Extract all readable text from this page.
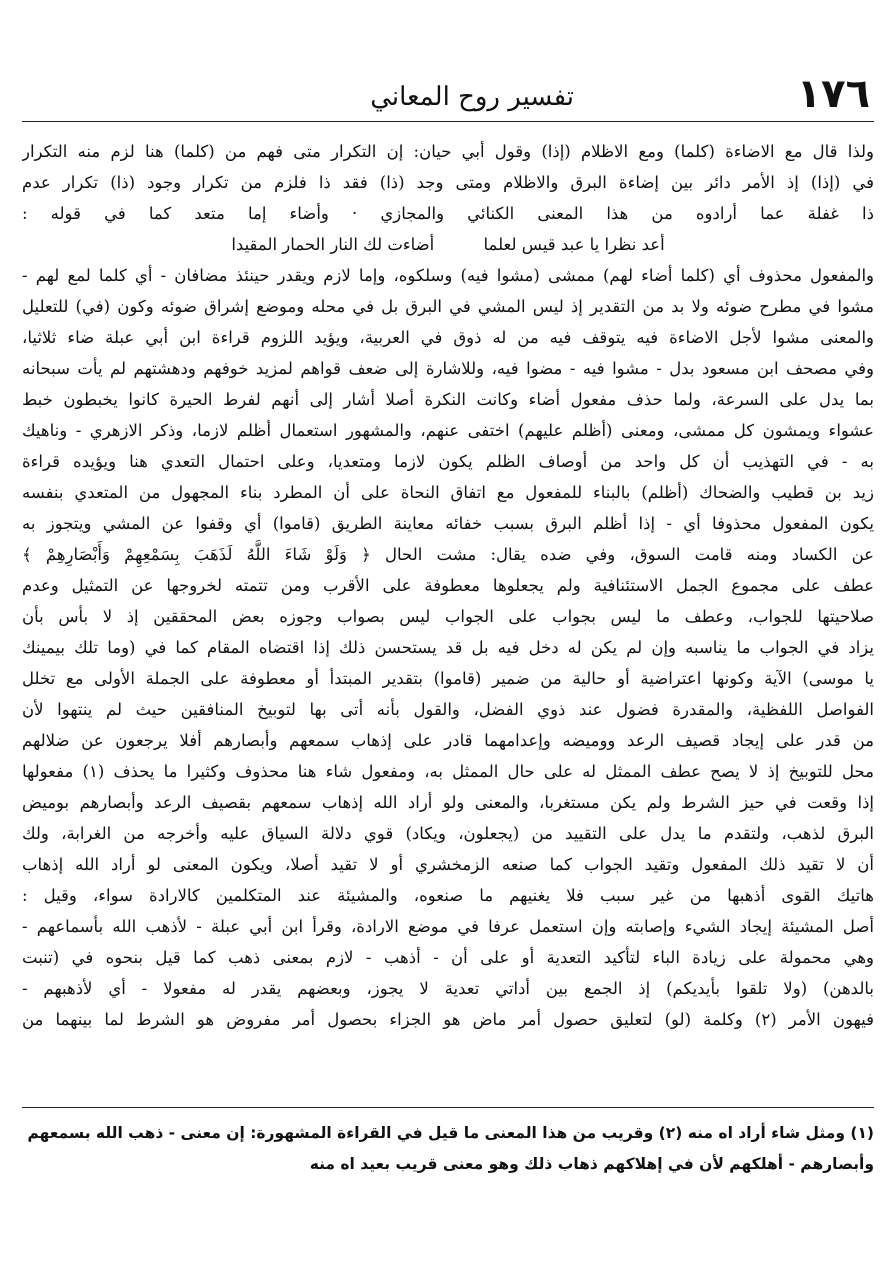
١٧٦
تفسير روح المعاني
ولذا قال مع الاضاءة (كلما) ومع الاظلام (إذا) وقول أبي حيان: إن التكرار متى فهم من (كلما) هنا لزم منه التكرار
في (إذا) إذ الأمر دائر بين إضاءة البرق والاظلام ومتى وجد (ذا) فقد ذا فلزم من تكرار وجود (ذا) تكرار عدم
ذا غفلة عما أرادوه من هذا المعنى الكنائي والمجازي · وأضاء إما متعد كما في قوله :
أعد نظرا يا عبد قيس لعلما أضاءت لك النار الحمار المقيدا
والمفعول محذوف أي (كلما أضاء لهم) ممشى (مشوا فيه) وسلكوه، وإما لازم ويقدر حينئذ مضافان - أي كلما لمع لهم -
مشوا في مطرح ضوئه ولا بد من التقدير إذ ليس المشي في البرق بل في محله وموضع إشراق ضوئه وكون (في) للتعليل
والمعنى مشوا لأجل الاضاءة فيه يتوقف فيه من له ذوق في العربية، ويؤيد اللزوم قراءة ابن أبي عبلة ضاء ثلاثيا،
وفي مصحف ابن مسعود بدل - مشوا فيه - مضوا فيه، وللاشارة إلى ضعف قواهم لمزيد خوفهم ودهشتهم لم يأت سبحانه
بما يدل على السرعة، ولما حذف مفعول أضاء وكانت النكرة أصلا أشار إلى أنهم لفرط الحيرة كانوا يخبطون خبط
عشواء ويمشون كل ممشى، ومعنى (أظلم عليهم) اختفى عنهم، والمشهور استعمال أظلم لازما، وذكر الازهري - وناهيك
به - في التهذيب أن كل واحد من أوصاف الظلم يكون لازما ومتعديا، وعلى احتمال التعدي هنا ويؤيده قراءة
زيد بن قطيب والضحاك (أظلم) بالبناء للمفعول مع اتفاق النحاة على أن المطرد بناء المجهول من المتعدي بنفسه
يكون المفعول محذوفا أي - إذا أظلم البرق بسبب خفائه معاينة الطريق (قاموا) أي وقفوا عن المشي ويتجوز به
عن الكساد ومنه قامت السوق، وفي ضده يقال: مشت الحال ﴿ وَلَوْ شَاءَ اللَّهُ لَذَهَبَ بِسَمْعِهِمْ وَأَبْصَارِهِمْ ﴾
عطف على مجموع الجمل الاستئنافية ولم يجعلوها معطوفة على الأقرب ومن تتمته لخروجها عن التمثيل وعدم
صلاحيتها للجواب، وعطف ما ليس بجواب على الجواب ليس بصواب وجوزه بعض المحققين إذ لا بأس بأن
يزاد في الجواب ما يناسبه وإن لم يكن له دخل فيه بل قد يستحسن ذلك إذا اقتضاه المقام كما في (وما تلك بيمينك
يا موسى) الآية وكونها اعتراضية أو حالية من ضمير (قاموا) بتقدير المبتدأ أو معطوفة على الجملة الأولى مع تخلل
الفواصل اللفظية، والمقدرة فضول عند ذوي الفضل، والقول بأنه أتى بها لتوبيخ المنافقين حيث لم ينتهوا لأن
من قدر على إيجاد قصيف الرعد ووميضه وإعدامهما قادر على إذهاب سمعهم وأبصارهم أفلا يرجعون عن ضلالهم
محل للتوبيخ إذ لا يصح عطف الممثل له على حال الممثل به، ومفعول شاء هنا محذوف وكثيرا ما يحذف (١) مفعولها
إذا وقعت في حيز الشرط ولم يكن مستغربا، والمعنى ولو أراد الله إذهاب سمعهم بقصيف الرعد وأبصارهم بوميض
البرق لذهب، ولتقدم ما يدل على التقييد من (يجعلون، ويكاد) قوي دلالة السياق عليه وأخرجه من الغرابة، ولك
أن لا تقيد ذلك المفعول وتقيد الجواب كما صنعه الزمخشري أو لا تقيد أصلا، ويكون المعنى لو أراد الله إذهاب
هاتيك القوى أذهبها من غير سبب فلا يغنيهم ما صنعوه، والمشيئة عند المتكلمين كالارادة سواء، وقيل :
أصل المشيئة إيجاد الشيء وإصابته وإن استعمل عرفا في موضع الارادة، وقرأ ابن أبي عبلة - لأذهب الله بأسماعهم -
وهي محمولة على زيادة الباء لتأكيد التعدية أو على أن - أذهب - لازم بمعنى ذهب كما قيل بنحوه في (تنبت
بالدهن) (ولا تلقوا بأيديكم) إذ الجمع بين أداتي تعدية لا يجوز، وبعضهم يقدر له مفعولا - أي لأذهبهم -
فيهون الأمر (٢) وكلمة (لو) لتعليق حصول أمر ماض هو الجزاء بحصول أمر مفروض هو الشرط لما بينهما من
(١) ومثل شاء أراد اه منه (٢) وقريب من هذا المعنى ما قيل في القراءة المشهورة: إن معنى - ذهب الله بسمعهم
وأبصارهم - أهلكهم لأن في إهلاكهم ذهاب ذلك وهو معنى قريب بعيد اه منه
